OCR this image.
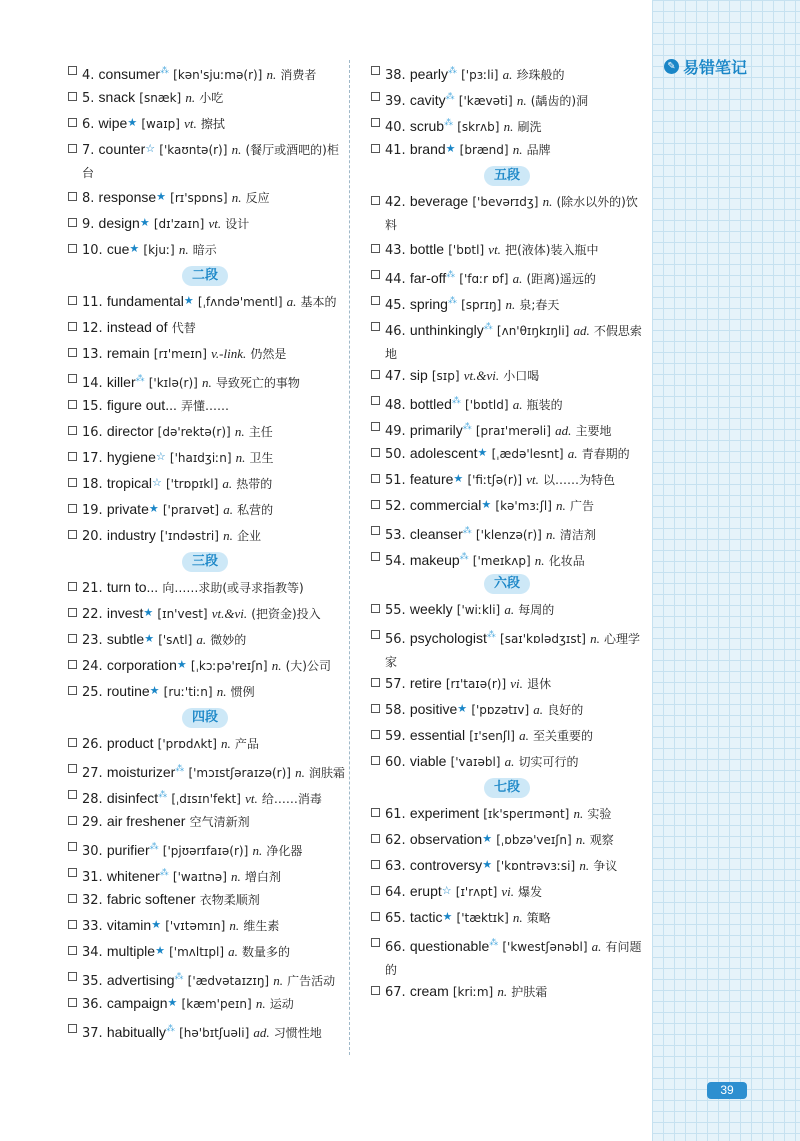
✎ 易错笔记
4. consumer⁂ [kən'sjuːmə(r)] n. 消费者
5. snack [snæk] n. 小吃
6. wipe★ [waɪp] vt. 擦拭
7. counter☆ ['kaʊntə(r)] n. (餐厅或酒吧的)柜台
8. response★ [rɪ'spɒns] n. 反应
9. design★ [dɪ'zaɪn] vt. 设计
10. cue★ [kjuː] n. 暗示
二段
11. fundamental★ [ˌfʌndə'mentl] a. 基本的
12. instead of 代替
13. remain [rɪ'meɪn] v.-link. 仍然是
14. killer⁂ ['kɪlə(r)] n. 导致死亡的事物
15. figure out... 弄懂……
16. director [də'rektə(r)] n. 主任
17. hygiene☆ ['haɪdʒiːn] n. 卫生
18. tropical☆ ['trɒpɪkl] a. 热带的
19. private★ ['praɪvət] a. 私营的
20. industry ['ɪndəstri] n. 企业
三段
21. turn to... 向……求助(或寻求指教等)
22. invest★ [ɪn'vest] vt.&vi. (把资金)投入
23. subtle★ ['sʌtl] a. 微妙的
24. corporation★ [ˌkɔːpə'reɪʃn] n. (大)公司
25. routine★ [ruː'tiːn] n. 惯例
四段
26. product ['prɒdʌkt] n. 产品
27. moisturizer⁂ ['mɔɪstʃəraɪzə(r)] n. 润肤霜
28. disinfect⁂ [ˌdɪsɪn'fekt] vt. 给……消毒
29. air freshener 空气清新剂
30. purifier⁂ ['pjʊərɪfaɪə(r)] n. 净化器
31. whitener⁂ ['waɪtnə] n. 增白剂
32. fabric softener 衣物柔顺剂
33. vitamin★ ['vɪtəmɪn] n. 维生素
34. multiple★ ['mʌltɪpl] a. 数量多的
35. advertising⁂ ['ædvətaɪzɪŋ] n. 广告活动
36. campaign★ [kæm'peɪn] n. 运动
37. habitually⁂ [hə'bɪtʃuəli] ad. 习惯性地
38. pearly⁂ ['pɜːli] a. 珍珠般的
39. cavity⁂ ['kævəti] n. (龋齿的)洞
40. scrub⁂ [skrʌb] n. 刷洗
41. brand★ [brænd] n. 品牌
五段
42. beverage ['bevərɪdʒ] n. (除水以外的)饮料
43. bottle ['bɒtl] vt. 把(液体)装入瓶中
44. far-off⁂ ['fɑːr ɒf] a. (距离)遥远的
45. spring⁂ [sprɪŋ] n. 泉;春天
46. unthinkingly⁂ [ʌn'θɪŋkɪŋli] ad. 不假思索地
47. sip [sɪp] vt.&vi. 小口喝
48. bottled⁂ ['bɒtld] a. 瓶装的
49. primarily⁂ [praɪ'merəli] ad. 主要地
50. adolescent★ [ˌædə'lesnt] a. 青春期的
51. feature★ ['fiːtʃə(r)] vt. 以……为特色
52. commercial★ [kə'mɜːʃl] n. 广告
53. cleanser⁂ ['klenzə(r)] n. 清洁剂
54. makeup⁂ ['meɪkʌp] n. 化妆品
六段
55. weekly ['wiːkli] a. 每周的
56. psychologist⁂ [saɪ'kɒlədʒɪst] n. 心理学家
57. retire [rɪ'taɪə(r)] vi. 退休
58. positive★ ['pɒzətɪv] a. 良好的
59. essential [ɪ'senʃl] a. 至关重要的
60. viable ['vaɪəbl] a. 切实可行的
七段
61. experiment [ɪk'sperɪmənt] n. 实验
62. observation★ [ˌɒbzə'veɪʃn] n. 观察
63. controversy★ ['kɒntrəvɜːsi] n. 争议
64. erupt☆ [ɪ'rʌpt] vi. 爆发
65. tactic★ ['tæktɪk] n. 策略
66. questionable⁂ ['kwestʃənəbl] a. 有问题的
67. cream [kriːm] n. 护肤霜
39
